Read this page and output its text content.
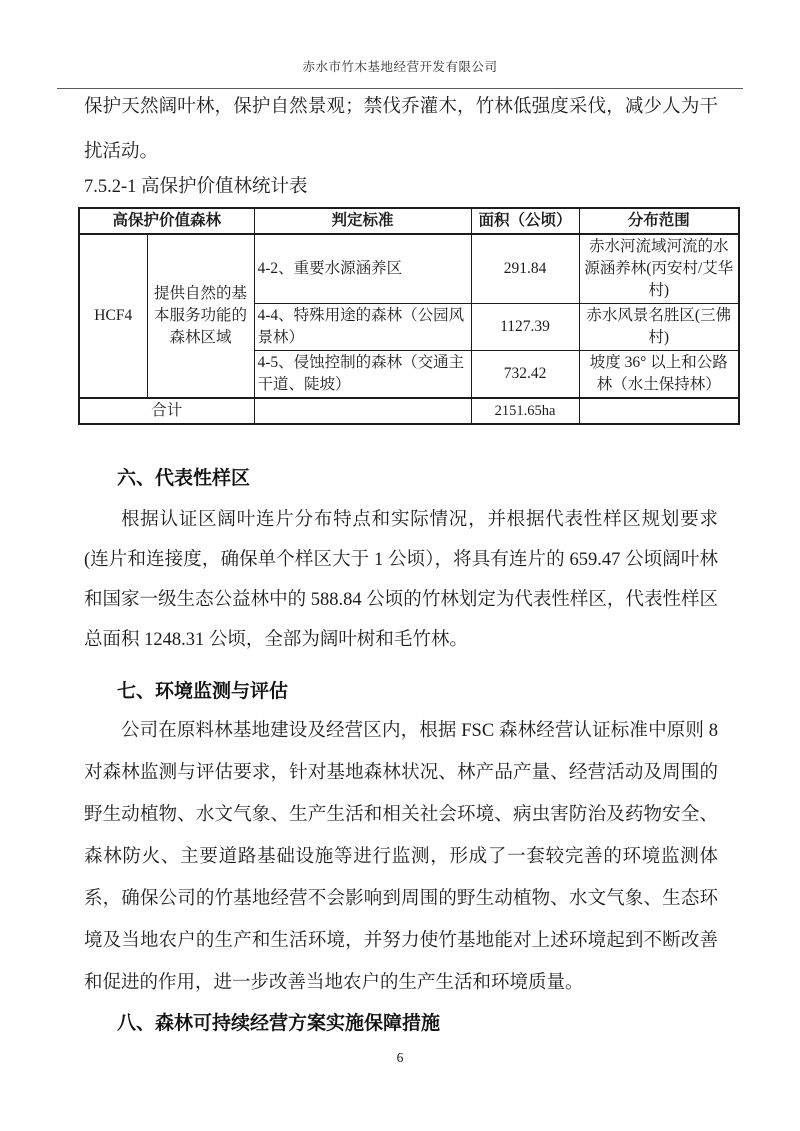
赤水市竹木基地经营开发有限公司
保护天然阔叶林，保护自然景观；禁伐乔灌木，竹林低强度采伐，减少人为干扰活动。
7.5.2-1 高保护价值林统计表
高保护价值森林		判定标准	面积（公顷）	分布范围
HCF4	提供自然的基本服务功能的森林区域	4-2、重要水源涵养区	291.84	赤水河流域河流的水源涵养林(丙安村/艾华村)
		4-4、特殊用途的森林（公园风景林）	1127.39	赤水风景名胜区(三佛村)
		4-5、侵蚀控制的森林（交通主干道、陡坡）	732.42	坡度 36° 以上和公路林（水土保持林）
合计			2151.65ha	
六、代表性样区
根据认证区阔叶连片分布特点和实际情况，并根据代表性样区规划要求(连片和连接度，确保单个样区大于 1 公顷），将具有连片的 659.47 公顷阔叶林和国家一级生态公益林中的 588.84 公顷的竹林划定为代表性样区，代表性样区总面积 1248.31 公顷，全部为阔叶树和毛竹林。
七、环境监测与评估
公司在原料林基地建设及经营区内，根据 FSC 森林经营认证标准中原则 8 对森林监测与评估要求，针对基地森林状况、林产品产量、经营活动及周围的野生动植物、水文气象、生产生活和相关社会环境、病虫害防治及药物安全、森林防火、主要道路基础设施等进行监测，形成了一套较完善的环境监测体系，确保公司的竹基地经营不会影响到周围的野生动植物、水文气象、生态环境及当地农户的生产和生活环境，并努力使竹基地能对上述环境起到不断改善和促进的作用，进一步改善当地农户的生产生活和环境质量。
八、森林可持续经营方案实施保障措施
6
